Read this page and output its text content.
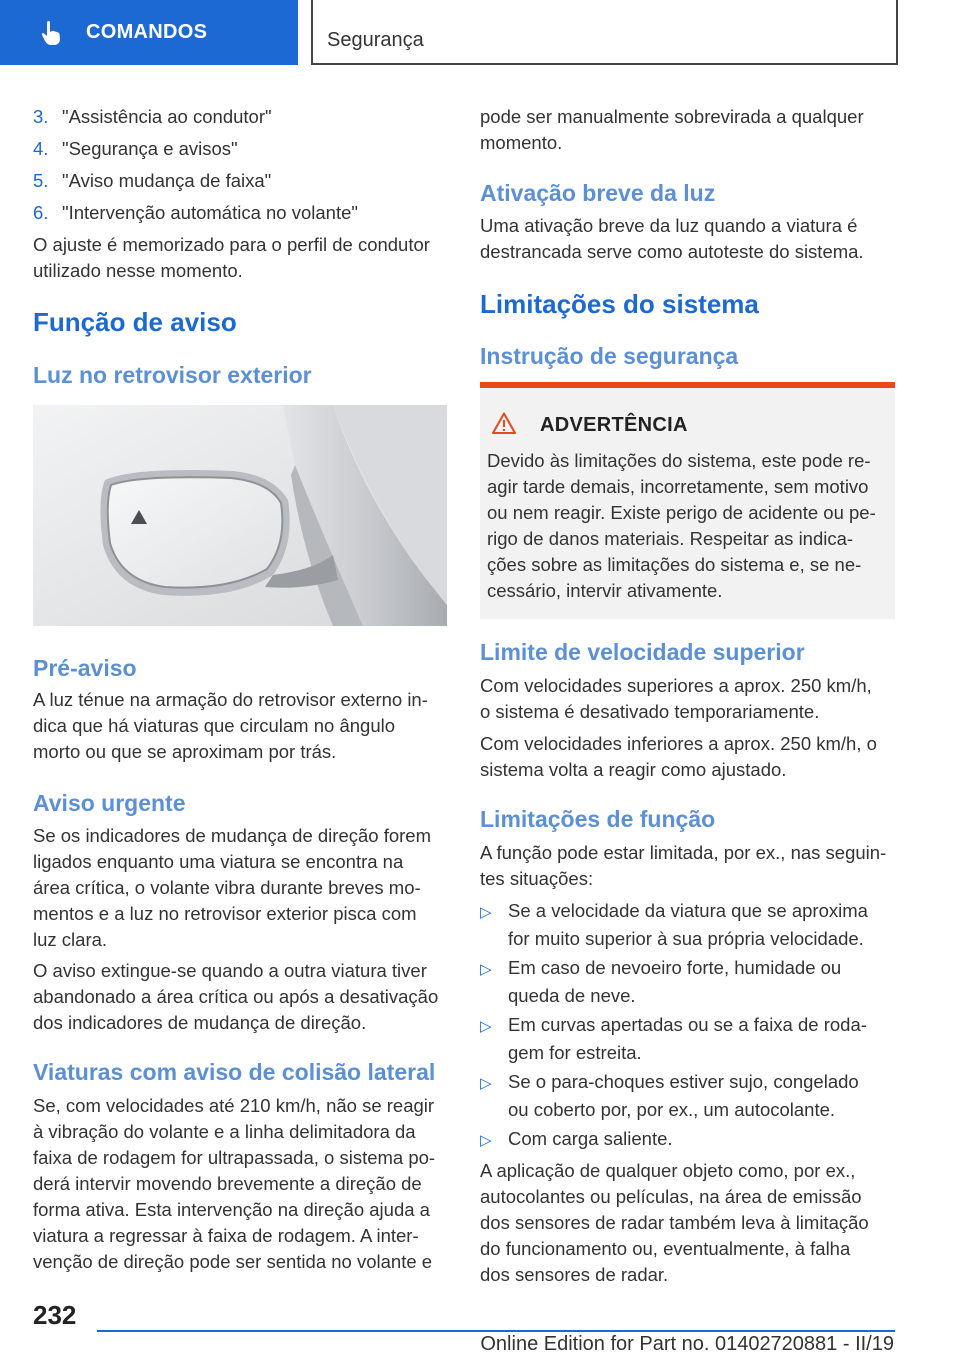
COMANDOS	Segurança
3. "Assistência ao condutor"
4. "Segurança e avisos"
5. "Aviso mudança de faixa"
6. "Intervenção automática no volante"
O ajuste é memorizado para o perfil de condutor
utilizado nesse momento.
Função de aviso
Luz no retrovisor exterior
Pré-aviso
A luz ténue na armação do retrovisor externo in-
dica que há viaturas que circulam no ângulo
morto ou que se aproximam por trás.
Aviso urgente
Se os indicadores de mudança de direção forem
ligados enquanto uma viatura se encontra na
área crítica, o volante vibra durante breves mo-
mentos e a luz no retrovisor exterior pisca com
luz clara.
O aviso extingue-se quando a outra viatura tiver
abandonado a área crítica ou após a desativação
dos indicadores de mudança de direção.
Viaturas com aviso de colisão lateral
Se, com velocidades até 210 km/h, não se reagir
à vibração do volante e a linha delimitadora da
faixa de rodagem for ultrapassada, o sistema po-
derá intervir movendo brevemente a direção de
forma ativa. Esta intervenção na direção ajuda a
viatura a regressar à faixa de rodagem. A inter-
venção de direção pode ser sentida no volante e
pode ser manualmente sobrevirada a qualquer
momento.
Ativação breve da luz
Uma ativação breve da luz quando a viatura é
destrancada serve como autoteste do sistema.
Limitações do sistema
Instrução de segurança
ADVERTÊNCIA
Devido às limitações do sistema, este pode re-
agir tarde demais, incorretamente, sem motivo
ou nem reagir. Existe perigo de acidente ou pe-
rigo de danos materiais. Respeitar as indica-
ções sobre as limitações do sistema e, se ne-
cessário, intervir ativamente.
Limite de velocidade superior
Com velocidades superiores a aprox. 250 km/h,
o sistema é desativado temporariamente.
Com velocidades inferiores a aprox. 250 km/h, o
sistema volta a reagir como ajustado.
Limitações de função
A função pode estar limitada, por ex., nas seguin-
tes situações:
▷ Se a velocidade da viatura que se aproxima
for muito superior à sua própria velocidade.
▷ Em caso de nevoeiro forte, humidade ou
queda de neve.
▷ Em curvas apertadas ou se a faixa de roda-
gem for estreita.
▷ Se o para-choques estiver sujo, congelado
ou coberto por, por ex., um autocolante.
▷ Com carga saliente.
A aplicação de qualquer objeto como, por ex.,
autocolantes ou películas, na área de emissão
dos sensores de radar também leva à limitação
do funcionamento ou, eventualmente, à falha
dos sensores de radar.
232
Online Edition for Part no. 01402720881 - II/19
